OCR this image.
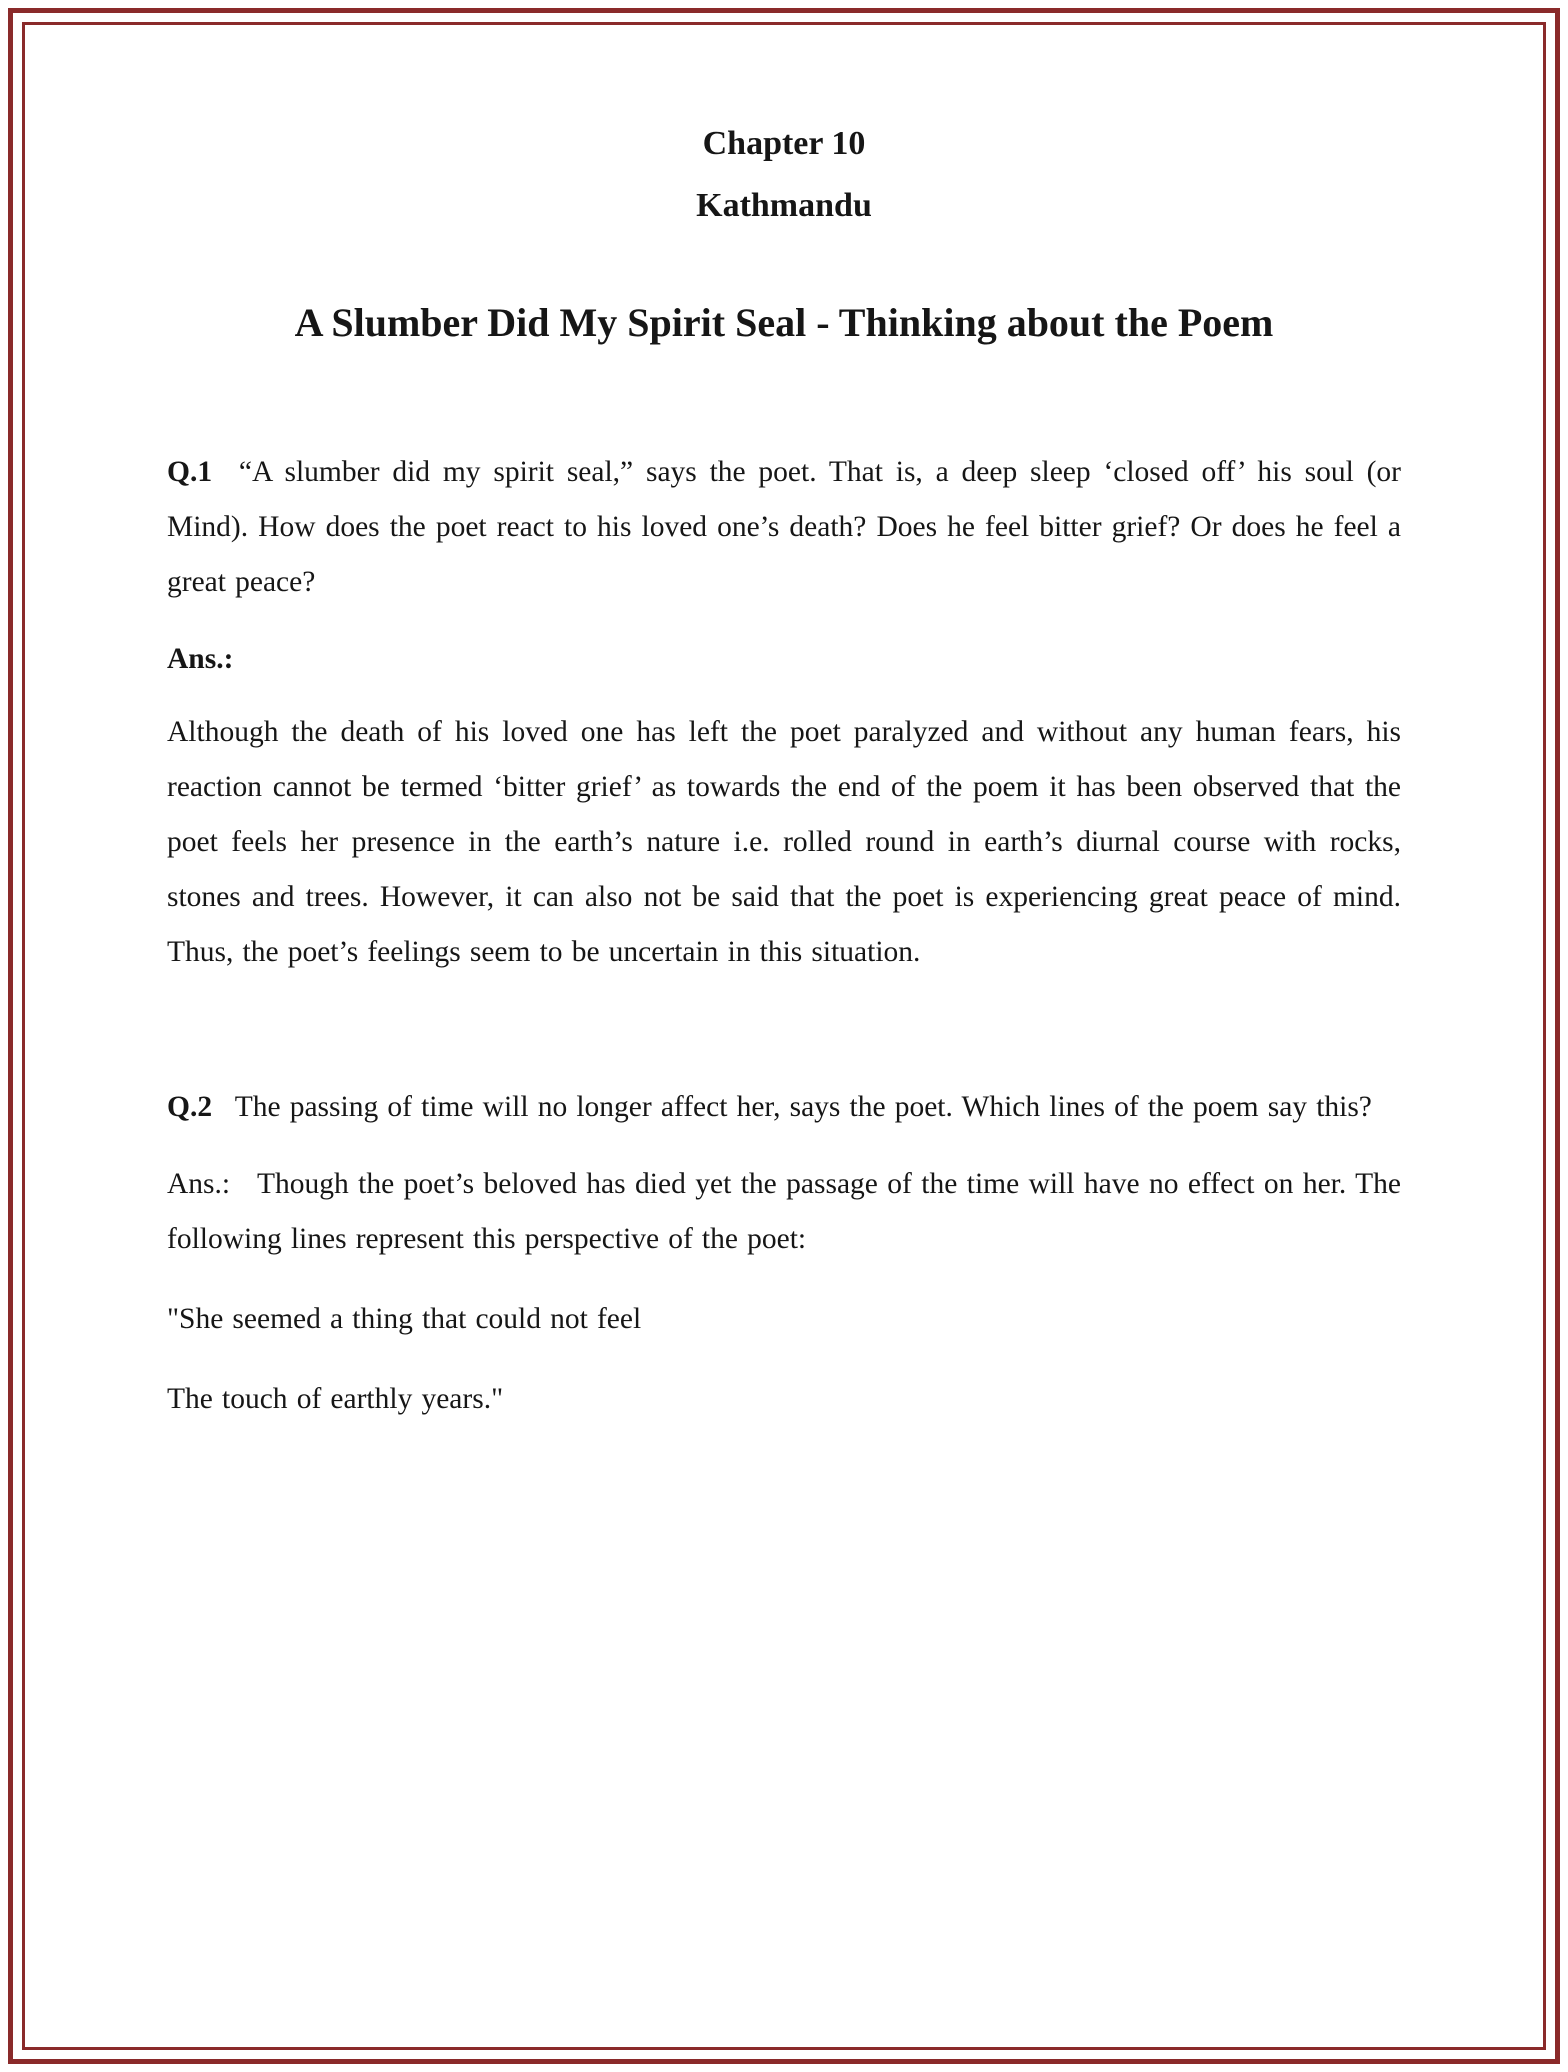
Chapter 10
Kathmandu
A Slumber Did My Spirit Seal - Thinking about the Poem

Q.1 “A slumber did my spirit seal,” says the poet. That is, a deep sleep ‘closed off’ his soul (or Mind). How does the poet react to his loved one’s death? Does he feel bitter grief? Or does he feel a great peace?

Ans.:

Although the death of his loved one has left the poet paralyzed and without any human fears, his reaction cannot be termed ‘bitter grief’ as towards the end of the poem it has been observed that the poet feels her presence in the earth’s nature i.e. rolled round in earth’s diurnal course with rocks, stones and trees. However, it can also not be said that the poet is experiencing great peace of mind. Thus, the poet’s feelings seem to be uncertain in this situation.

Q.2 The passing of time will no longer affect her, says the poet. Which lines of the poem say this?

Ans.: Though the poet’s beloved has died yet the passage of the time will have no effect on her. The following lines represent this perspective of the poet:

"She seemed a thing that could not feel

The touch of earthly years."
